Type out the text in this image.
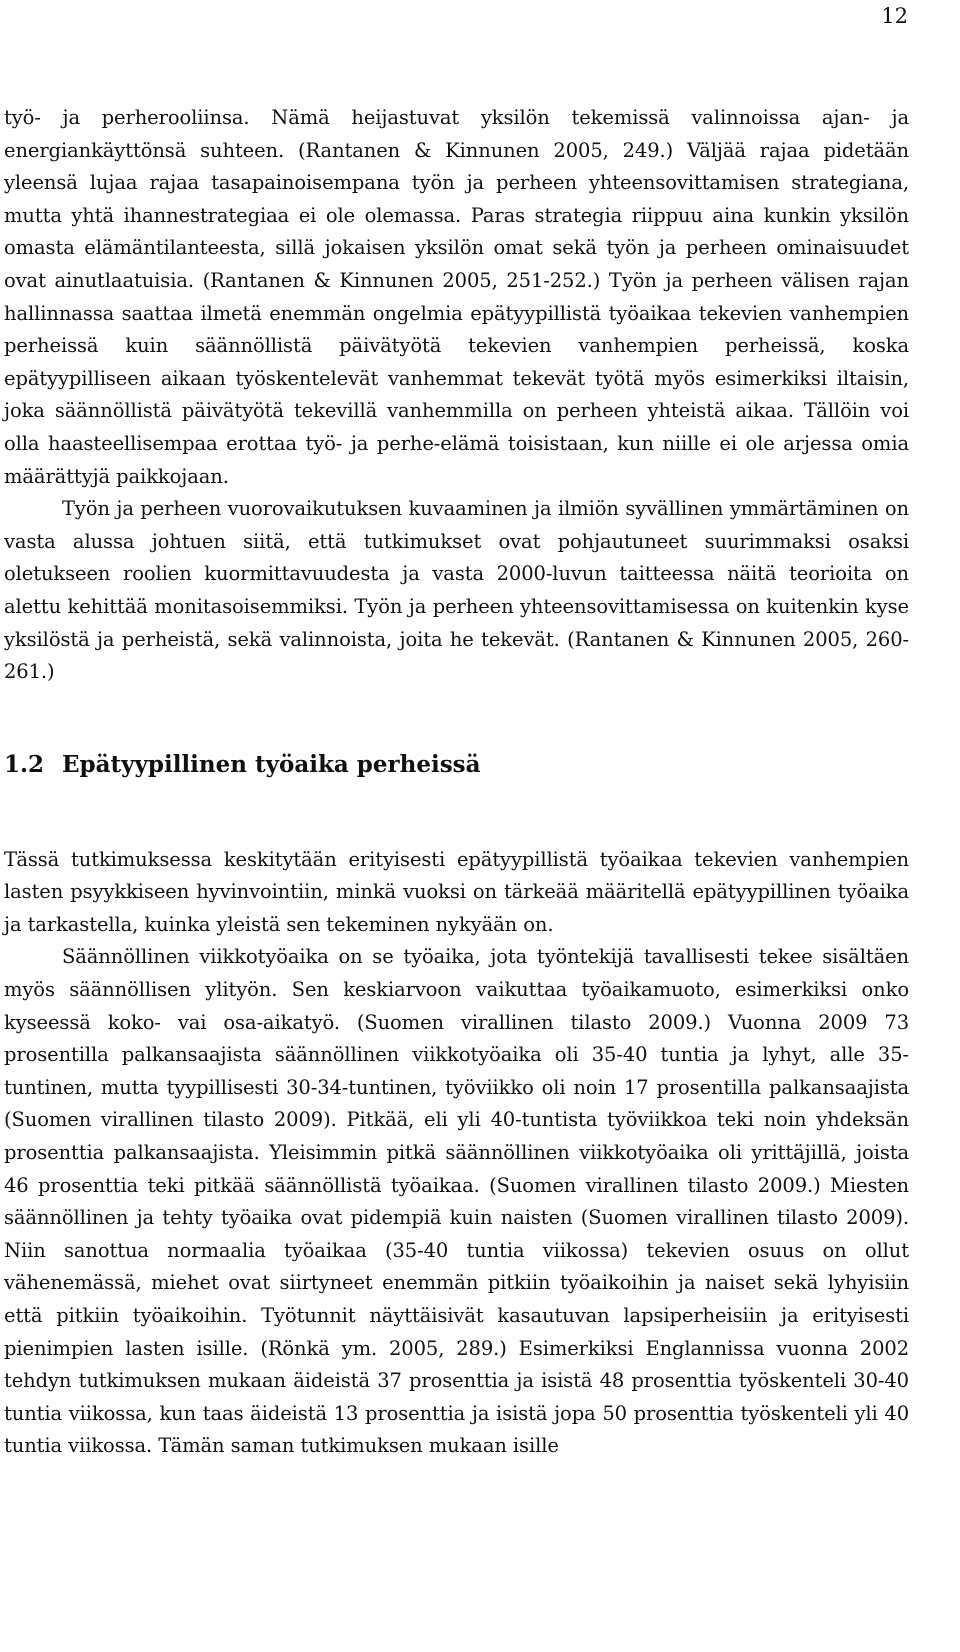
12

työ- ja perherooliinsa. Nämä heijastuvat yksilön tekemissä valinnoissa ajan- ja energiankäyttönsä suhteen. (Rantanen & Kinnunen 2005, 249.) Väljää rajaa pidetään yleensä lujaa rajaa tasapainoisempana työn ja perheen yhteensovittamisen strategiana, mutta yhtä ihannestrategiaa ei ole olemassa. Paras strategia riippuu aina kunkin yksilön omasta elämäntilanteesta, sillä jokaisen yksilön omat sekä työn ja perheen ominaisuudet ovat ainutlaatuisia. (Rantanen & Kinnunen 2005, 251-252.) Työn ja perheen välisen rajan hallinnassa saattaa ilmetä enemmän ongelmia epätyypillistä työaikaa tekevien vanhempien perheissä kuin säännöllistä päivätyötä tekevien vanhempien perheissä, koska epätyypilliseen aikaan työskentelevät vanhemmat tekevät työtä myös esimerkiksi iltaisin, joka säännöllistä päivätyötä tekevillä vanhemmilla on perheen yhteistä aikaa. Tällöin voi olla haasteellisempaa erottaa työ- ja perhe-elämä toisistaan, kun niille ei ole arjessa omia määrättyjä paikkojaan.

Työn ja perheen vuorovaikutuksen kuvaaminen ja ilmiön syvällinen ymmärtäminen on vasta alussa johtuen siitä, että tutkimukset ovat pohjautuneet suurimmaksi osaksi oletukseen roolien kuormittavuudesta ja vasta 2000-luvun taitteessa näitä teorioita on alettu kehittää monitasoisemmiksi. Työn ja perheen yhteensovittamisessa on kuitenkin kyse yksilöstä ja perheistä, sekä valinnoista, joita he tekevät. (Rantanen & Kinnunen 2005, 260-261.)

1.2 Epätyypillinen työaika perheissä

Tässä tutkimuksessa keskitytään erityisesti epätyypillistä työaikaa tekevien vanhempien lasten psyykkiseen hyvinvointiin, minkä vuoksi on tärkeää määritellä epätyypillinen työaika ja tarkastella, kuinka yleistä sen tekeminen nykyään on.

Säännöllinen viikkotyöaika on se työaika, jota työntekijä tavallisesti tekee sisältäen myös säännöllisen ylityön. Sen keskiarvoon vaikuttaa työaikamuoto, esimerkiksi onko kyseessä koko- vai osa-aikatyö. (Suomen virallinen tilasto 2009.) Vuonna 2009 73 prosentilla palkansaajista säännöllinen viikkotyöaika oli 35-40 tuntia ja lyhyt, alle 35-tuntinen, mutta tyypillisesti 30-34-tuntinen, työviikko oli noin 17 prosentilla palkansaajista (Suomen virallinen tilasto 2009). Pitkää, eli yli 40-tuntista työviikkoa teki noin yhdeksän prosenttia palkansaajista. Yleisimmin pitkä säännöllinen viikkotyöaika oli yrittäjillä, joista 46 prosenttia teki pitkää säännöllistä työaikaa. (Suomen virallinen tilasto 2009.) Miesten säännöllinen ja tehty työaika ovat pidempiä kuin naisten (Suomen virallinen tilasto 2009). Niin sanottua normaalia työaikaa (35-40 tuntia viikossa) tekevien osuus on ollut vähenemässä, miehet ovat siirtyneet enemmän pitkiin työaikoihin ja naiset sekä lyhyisiin että pitkiin työaikoihin. Työtunnit näyttäisivät kasautuvan lapsiperheisiin ja erityisesti pienimpien lasten isille. (Rönkä ym. 2005, 289.) Esimerkiksi Englannissa vuonna 2002 tehdyn tutkimuksen mukaan äideistä 37 prosenttia ja isistä 48 prosenttia työskenteli 30-40 tuntia viikossa, kun taas äideistä 13 prosenttia ja isistä jopa 50 prosenttia työskenteli yli 40 tuntia viikossa. Tämän saman tutkimuksen mukaan isille
